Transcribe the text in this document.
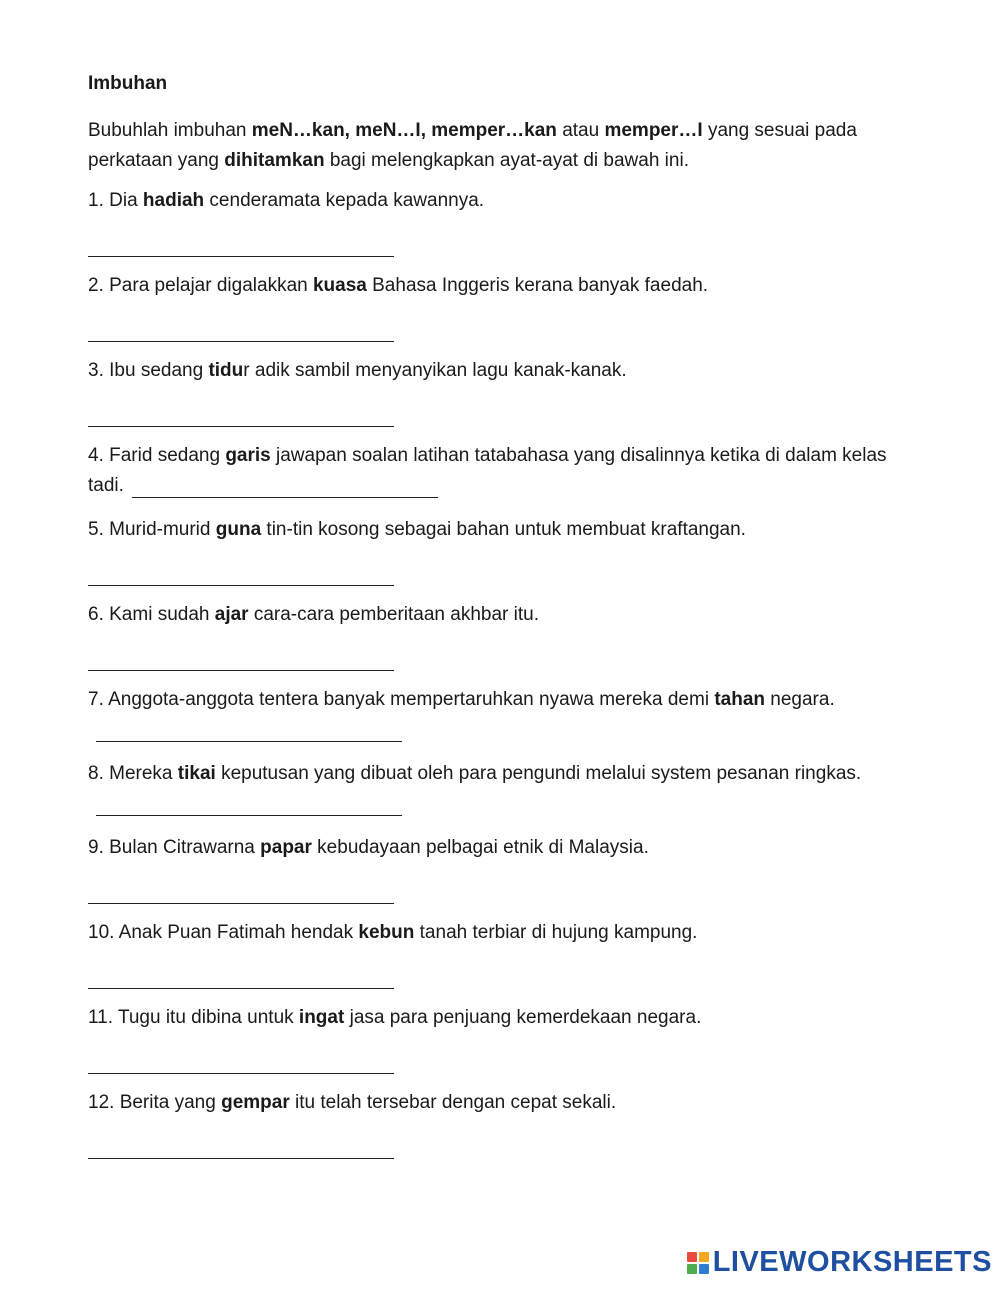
Imbuhan
Bubuhlah imbuhan meN…kan, meN…I, memper…kan atau memper…I yang sesuai pada perkataan yang dihitamkan bagi melengkapkan ayat-ayat di bawah ini.
1. Dia hadiah cenderamata kepada kawannya.
2. Para pelajar digalakkan kuasa Bahasa Inggeris kerana banyak faedah.
3. Ibu sedang tidur adik sambil menyanyikan lagu kanak-kanak.
4. Farid sedang garis jawapan soalan latihan tatabahasa yang disalinnya ketika di dalam kelas tadi.
5. Murid-murid guna tin-tin kosong sebagai bahan untuk membuat kraftangan.
6. Kami sudah ajar cara-cara pemberitaan akhbar itu.
7. Anggota-anggota tentera banyak mempertaruhkan nyawa mereka demi tahan negara.
8. Mereka tikai keputusan yang dibuat oleh para pengundi melalui system pesanan ringkas.
9. Bulan Citrawarna papar kebudayaan pelbagai etnik di Malaysia.
10. Anak Puan Fatimah hendak kebun tanah terbiar di hujung kampung.
11. Tugu itu dibina untuk ingat jasa para penjuang kemerdekaan negara.
12. Berita yang gempar itu telah tersebar dengan cepat sekali.
LIVEWORKSHEETS
